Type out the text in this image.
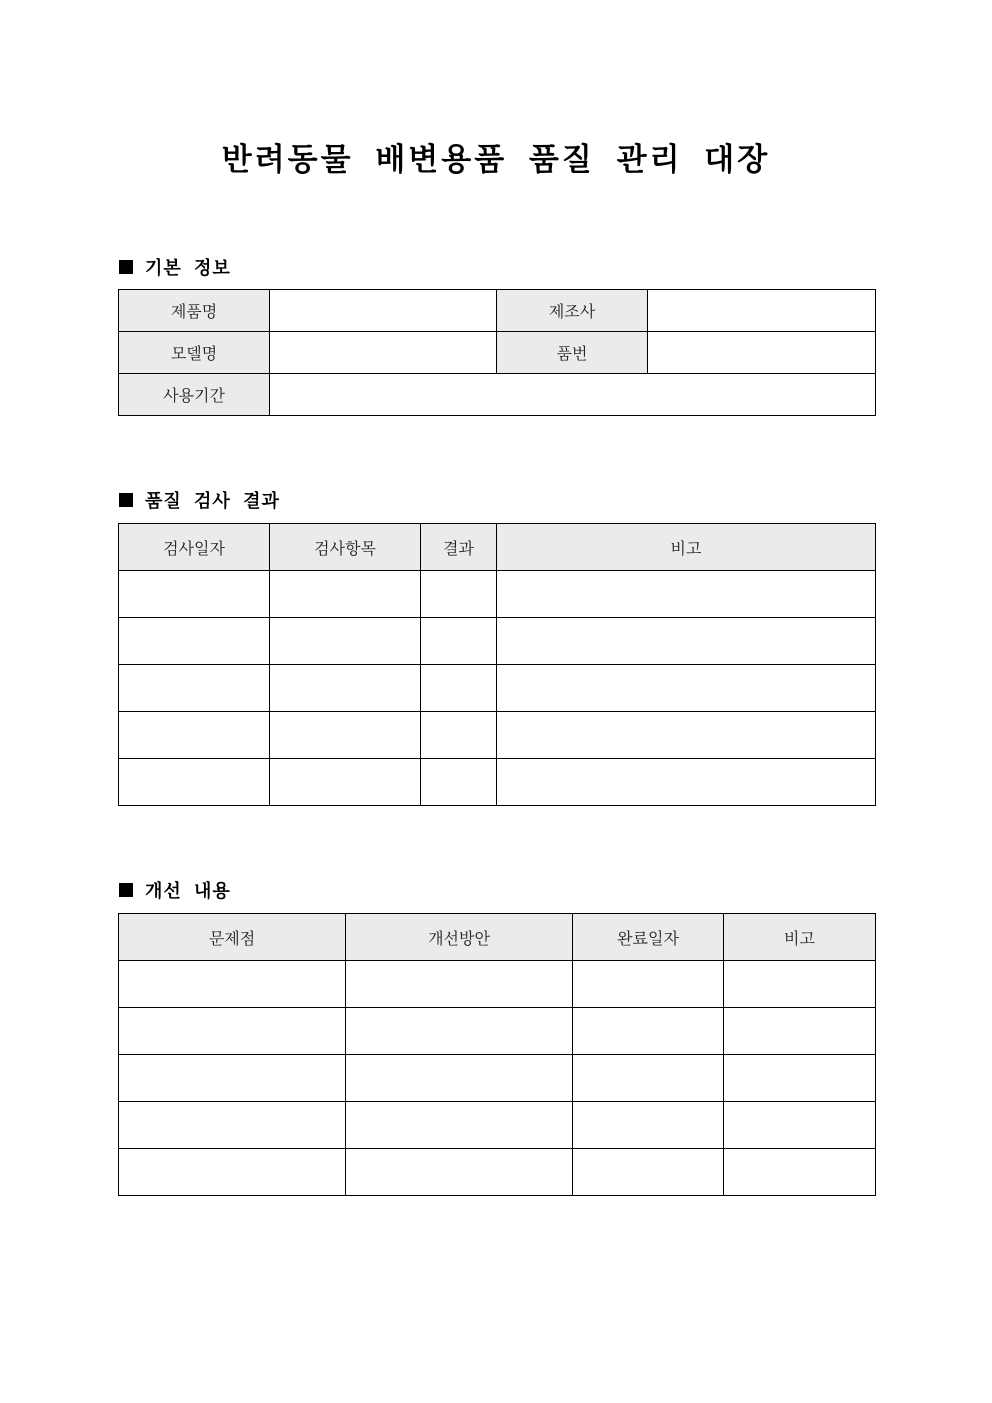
반려동물 배변용품 품질 관리 대장
기본 정보
제품명		제조사	
모델명		품번	
사용기간			
품질 검사 결과
검사일자	검사항목	결과	비고

개선 내용
문제점	개선방안	완료일자	비고
